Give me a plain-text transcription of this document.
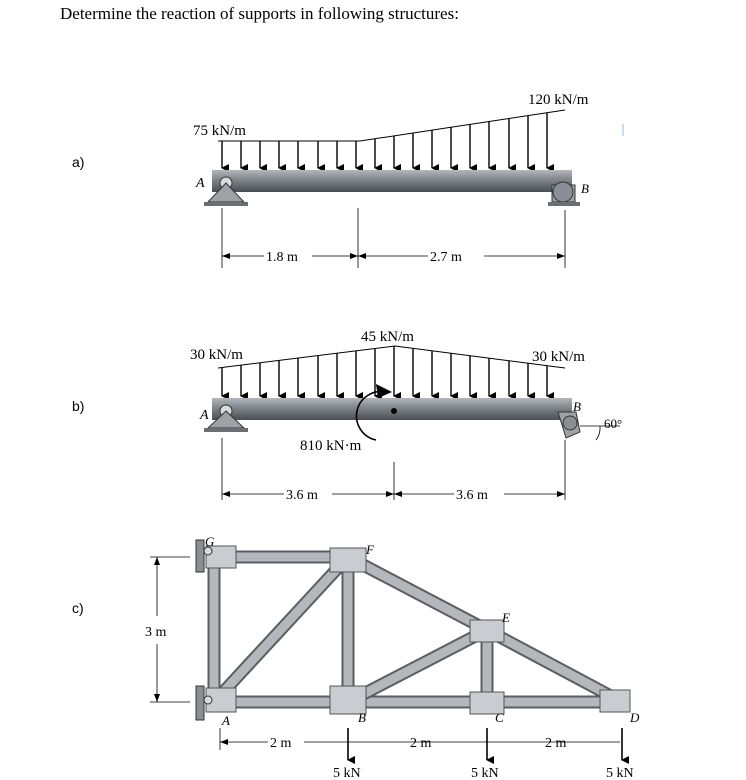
Determine the reaction of supports in following structures:
a)
b)
c)
A	B
75 kN/m
120 kN/m
1.8 m	2.7 m
A
B
60°
30 kN/m
45 kN/m
30 kN/m
810 kN·m
3.6 m	3.6 m
3 m
G
F
E
A	B	C	D
2 m	2 m	2 m
5 kN	5 kN	5 kN
